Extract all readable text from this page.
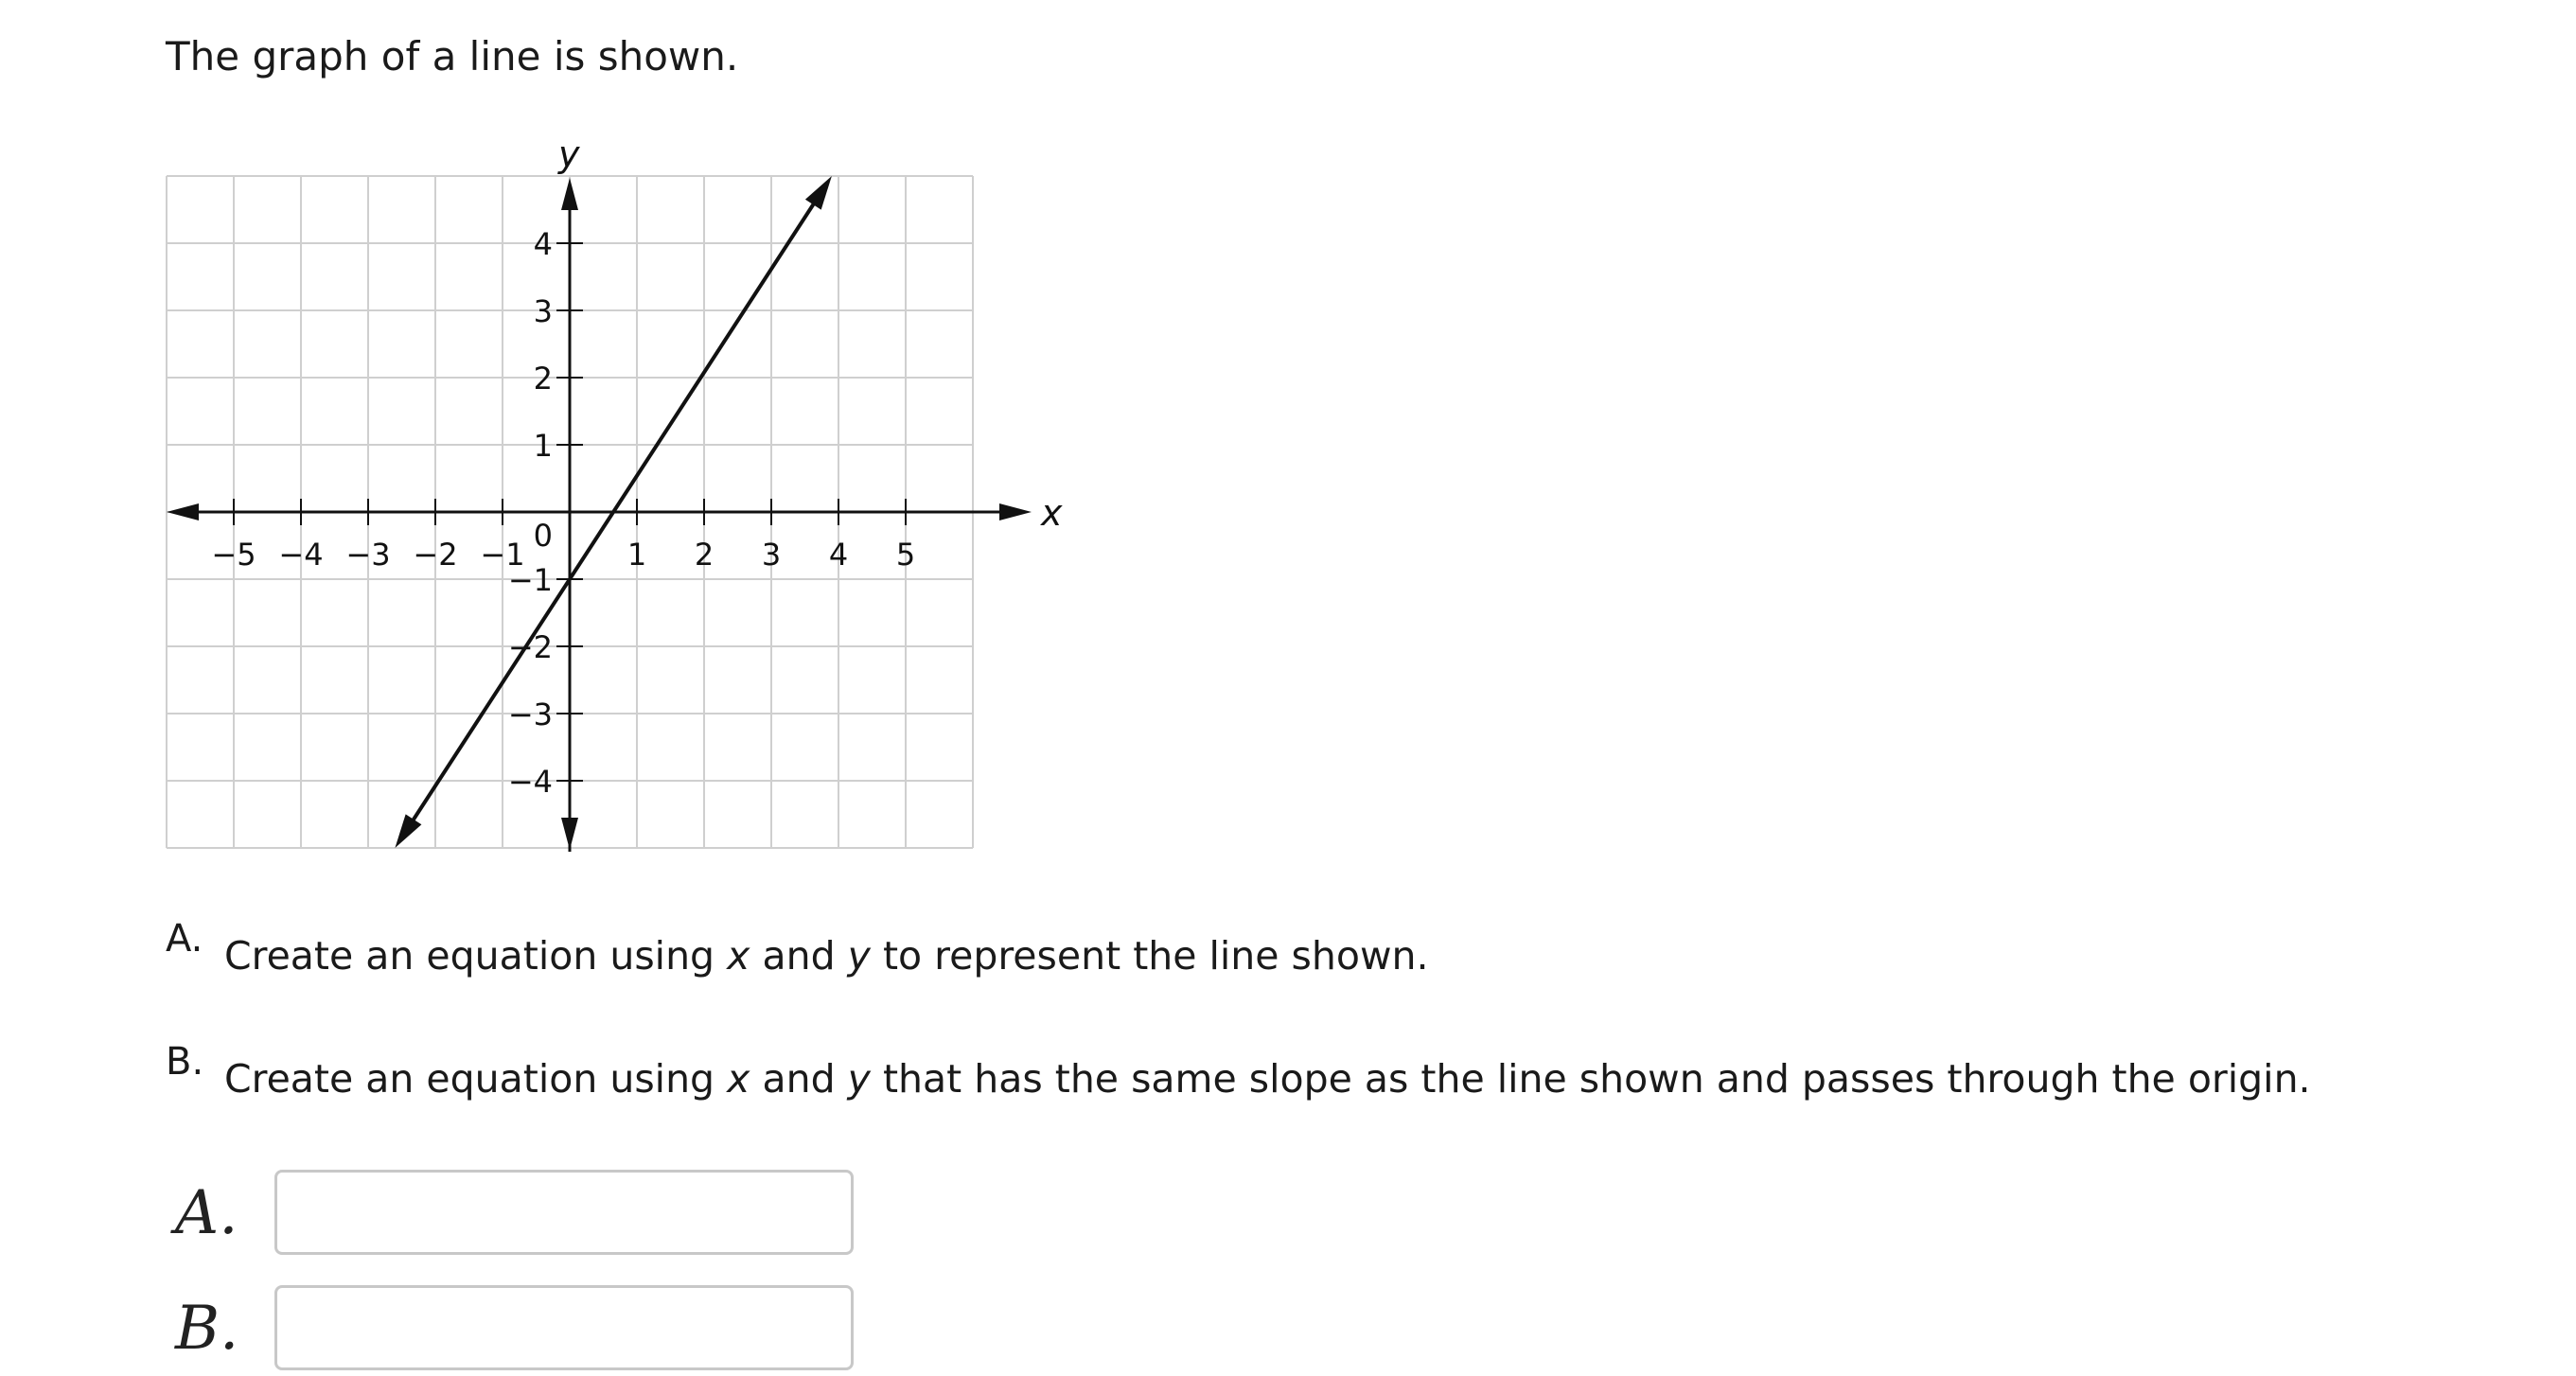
The graph of a line is shown.
x
y
−5 −4 −3 −2 −1	1 2 3 4 5
4
3
2
1
−1
−2
−3
−4
0
A. Create an equation using x and y to represent the line shown.
B. Create an equation using x and y that has the same slope as the line shown and passes through the origin.
A.
B.
